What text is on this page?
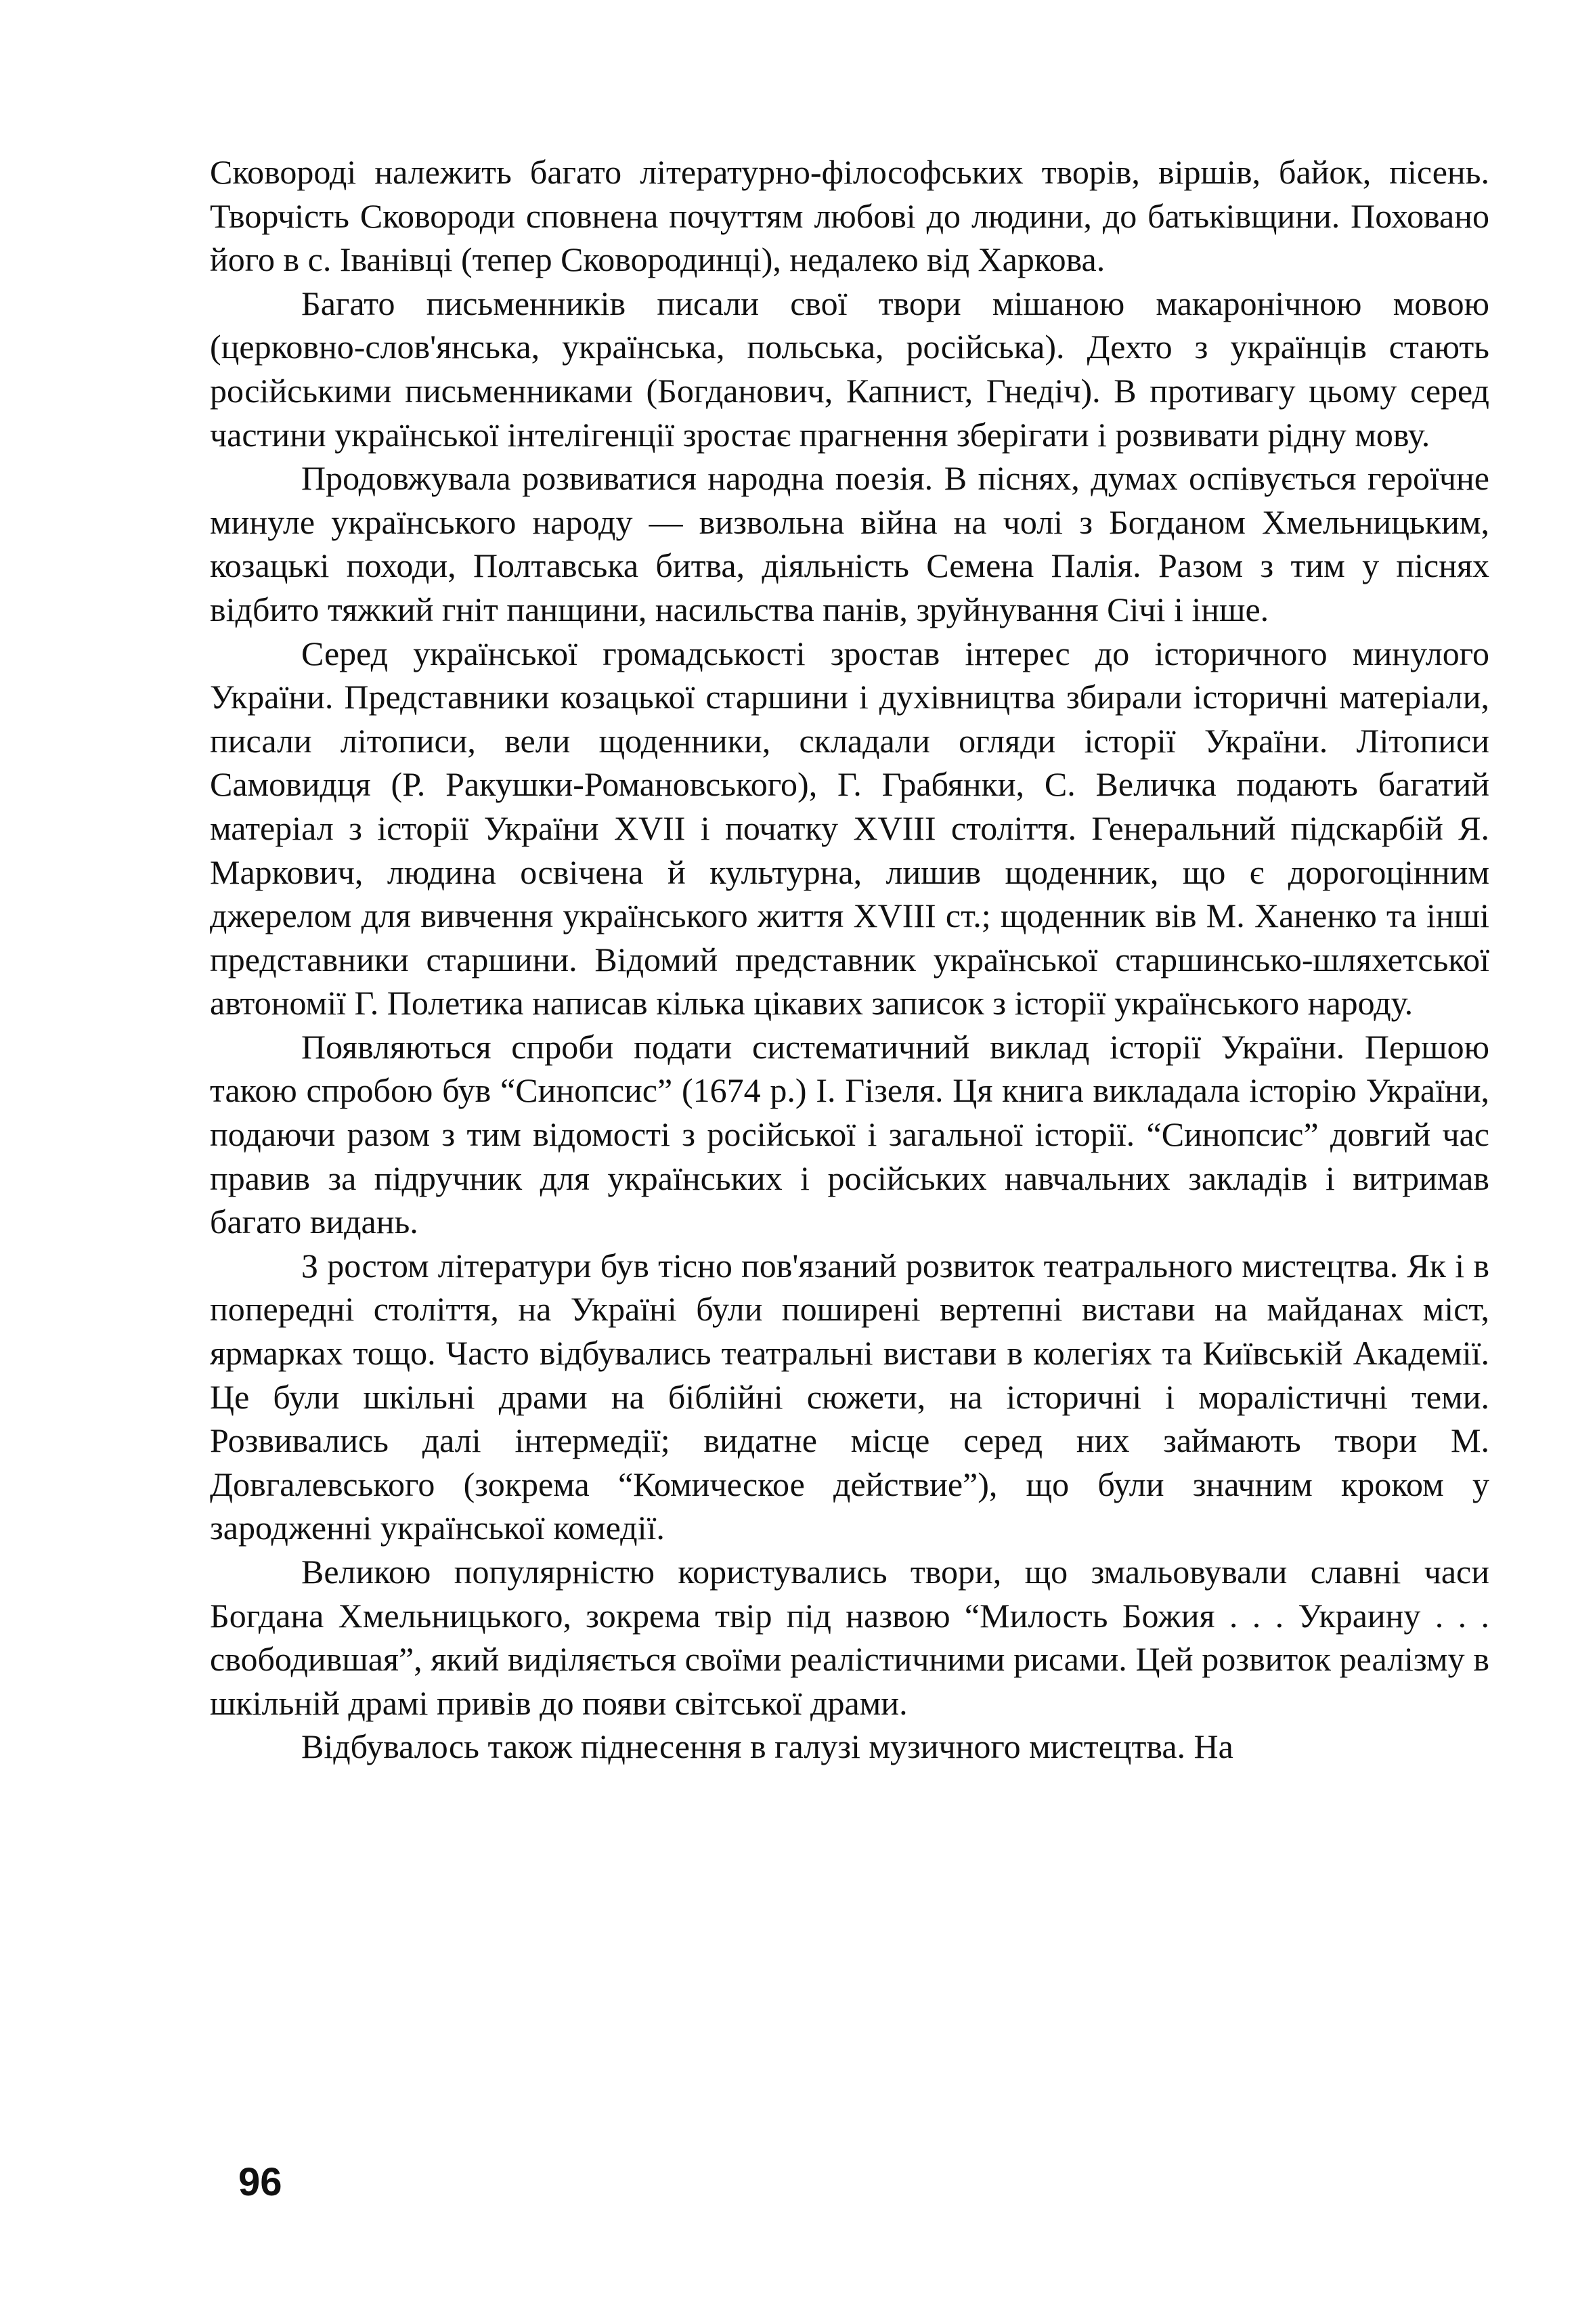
Сковороді належить багато літературно-філософських творів, віршів, байок, пісень. Творчість Сковороди сповнена почуттям любові до людини, до батьківщини. Поховано його в с. Іванівці (тепер Сковородинці), недалеко від Харкова.

Багато письменників писали свої твори мішаною макаронічною мовою (церковно-слов'янська, українська, польська, російська). Дехто з українців стають російськими письменниками (Богданович, Капнист, Гнедіч). В противагу цьому серед частини української інтелігенції зростає прагнення зберігати і розвивати рідну мову.

Продовжувала розвиватися народна поезія. В піснях, думах оспівується героїчне минуле українського народу — визвольна війна на чолі з Богданом Хмельницьким, козацькі походи, Полтавська битва, діяльність Семена Палія. Разом з тим у піснях відбито тяжкий гніт панщини, насильства панів, зруйнування Січі і інше.

Серед української громадськості зростав інтерес до історичного минулого України. Представники козацької старшини і духівництва збирали історичні матеріали, писали літописи, вели щоденники, складали огляди історії України. Літописи Самовидця (Р. Ракушки-Романовського), Г. Грабянки, С. Величка подають багатий матеріал з історії України XVII і початку XVIII століття. Генеральний підскарбій Я. Маркович, людина освічена й культурна, лишив щоденник, що є дорогоцінним джерелом для вивчення українського життя XVIII ст.; щоденник вів М. Ханенко та інші представники старшини. Відомий представник української старшинсько-шляхетської автономії Г. Полетика написав кілька цікавих записок з історії українського народу.

Появляються спроби подати систематичний виклад історії України. Першою такою спробою був “Синопсис” (1674 р.) І. Гізеля. Ця книга викладала історію України, подаючи разом з тим відомості з російської і загальної історії. “Синопсис” довгий час правив за підручник для українських і російських навчальних закладів і витримав багато видань.

З ростом літератури був тісно пов'язаний розвиток театрального мистецтва. Як і в попередні століття, на Україні були поширені вертепні вистави на майданах міст, ярмарках тощо. Часто відбувались театральні вистави в колегіях та Київській Академії. Це були шкільні драми на біблійні сюжети, на історичні і моралістичні теми. Розвивались далі інтермедії; видатне місце серед них займають твори М. Довгалевського (зокрема “Комическое действие”), що були значним кроком у зародженні української комедії.

Великою популярністю користувались твори, що змальовували славні часи Богдана Хмельницького, зокрема твір під назвою “Милость Божия . . . Украину . . . свободившая”, який виділяється своїми реалістичними рисами. Цей розвиток реалізму в шкільній драмі привів до появи світської драми.

Відбувалось також піднесення в галузі музичного мистецтва. На

96
